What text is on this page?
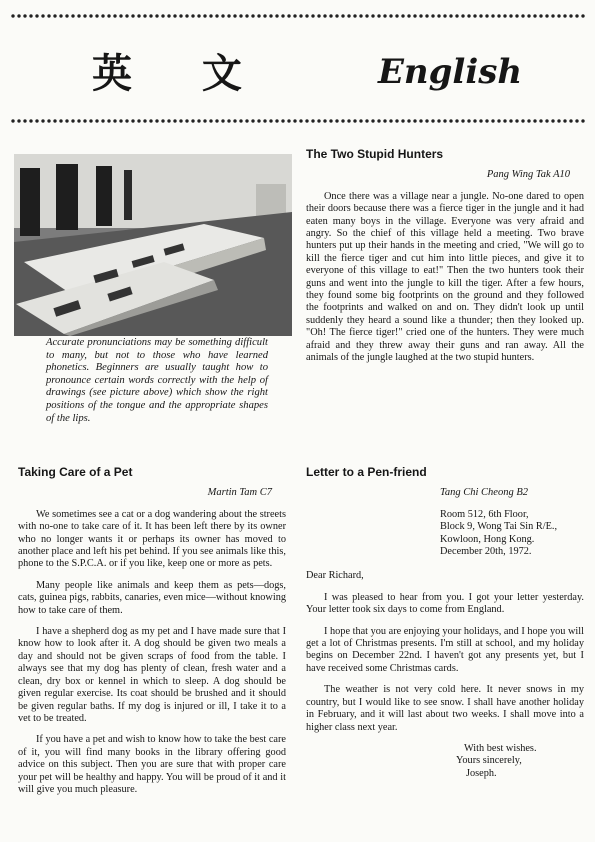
英 文	English
Accurate pronunciations may be something difficult to many, but not to those who have learned phonetics. Beginners are usually taught how to pronounce certain words correctly with the help of drawings (see picture above) which show the right positions of the tongue and the appropriate shapes of the lips.

The Two Stupid Hunters

Pang Wing Tak A10

Once there was a village near a jungle. No-one dared to open their doors because there was a fierce tiger in the jungle and it had eaten many boys in the village. Everyone was very afraid and angry. So the chief of this village held a meeting. Two brave hunters put up their hands in the meeting and cried, "We will go to kill the fierce tiger and cut him into little pieces, and give it to everyone of this village to eat!" Then the two hunters took their guns and went into the jungle to kill the tiger. After a few hours, they found some big footprints on the ground and they followed the footprints and walked on and on. They didn't look up until suddenly they heard a sound like a thunder; then they looked up. "Oh! The fierce tiger!" cried one of the hunters. They were much afraid and they threw away their guns and ran away. All the animals of the jungle laughed at the two stupid hunters.

Taking Care of a Pet

Martin Tam C7

We sometimes see a cat or a dog wandering about the streets with no-one to take care of it. It has been left there by its owner who no longer wants it or perhaps its owner has moved to another place and left his pet behind. If you see animals like this, phone to the S.P.C.A. or if you like, keep one or more as pets.

Many people like animals and keep them as pets—dogs, cats, guinea pigs, rabbits, canaries, even mice—without knowing how to take care of them.

I have a shepherd dog as my pet and I have made sure that I know how to look after it. A dog should be given two meals a day and should not be given scraps of food from the table. I always see that my dog has plenty of clean, fresh water and a clean, dry box or kennel in which to sleep. A dog should be given regular exercise. Its coat should be brushed and it should be given regular baths. If my dog is injured or ill, I take it to a vet to be treated.

If you have a pet and wish to know how to take the best care of it, you will find many books in the library offering good advice on this subject. Then you are sure that with proper care your pet will be healthy and happy. You will be proud of it and it will give you much pleasure.

Letter to a Pen-friend

Tang Chi Cheong B2

Room 512, 6th Floor,

Block 9, Wong Tai Sin R/E.,

Kowloon, Hong Kong.

December 20th, 1972.

Dear Richard,

I was pleased to hear from you. I got your letter yesterday. Your letter took six days to come from England.

I hope that you are enjoying your holidays, and I hope you will get a lot of Christmas presents. I'm still at school, and my holiday begins on December 22nd. I haven't got any presents yet, but I have received some Christmas cards.

The weather is not very cold here. It never snows in my country, but I would like to see snow. I shall have another holiday in February, and it will last about two weeks. I shall move into a higher class next year.

With best wishes.

Yours sincerely,

Joseph.
